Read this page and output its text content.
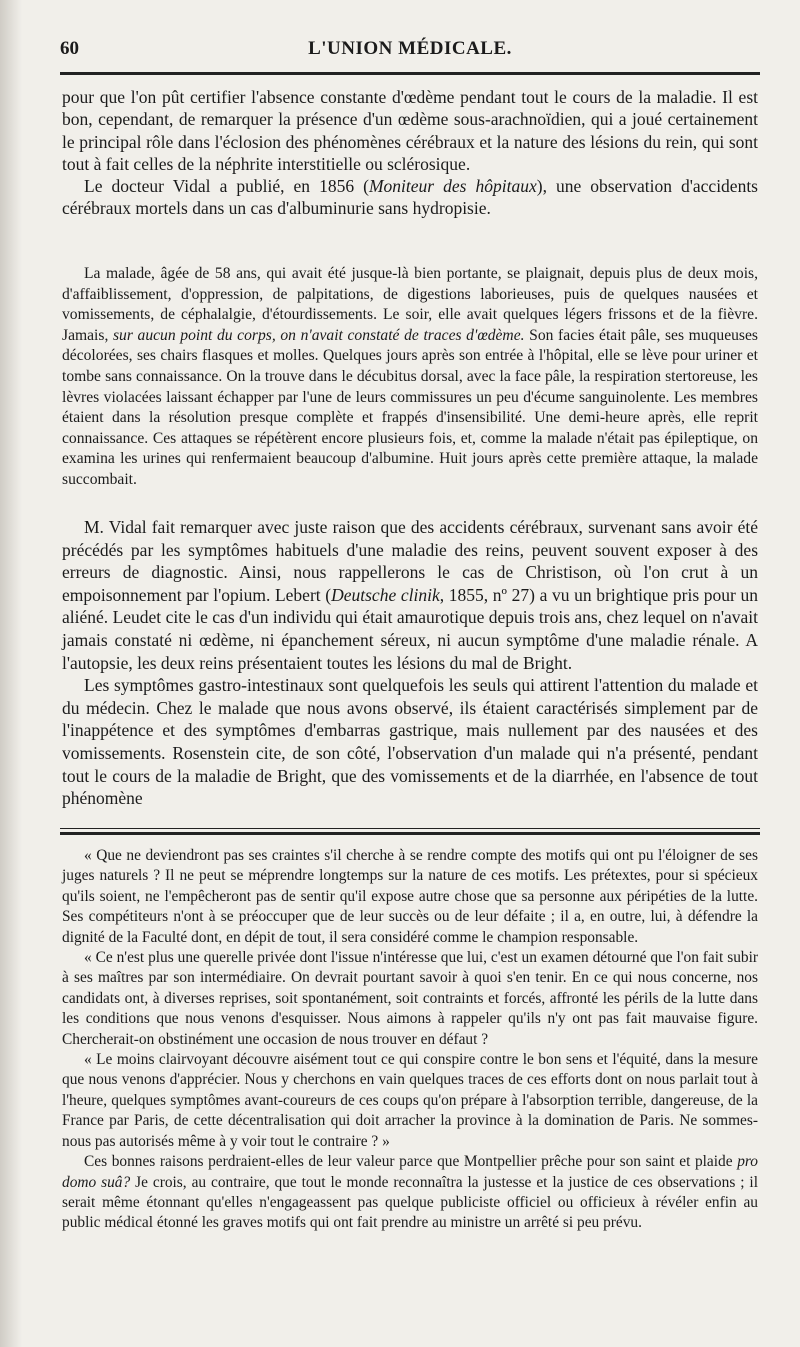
60	L'UNION MÉDICALE.

pour que l'on pût certifier l'absence constante d'œdème pendant tout le cours de la maladie. Il est bon, cependant, de remarquer la présence d'un œdème sous-arachnoïdien, qui a joué certainement le principal rôle dans l'éclosion des phénomènes cérébraux et la nature des lésions du rein, qui sont tout à fait celles de la néphrite interstitielle ou sclérosique.

Le docteur Vidal a publié, en 1856 (Moniteur des hôpitaux), une observation d'accidents cérébraux mortels dans un cas d'albuminurie sans hydropisie.

La malade, âgée de 58 ans, qui avait été jusque-là bien portante, se plaignait, depuis plus de deux mois, d'affaiblissement, d'oppression, de palpitations, de digestions laborieuses, puis de quelques nausées et vomissements, de céphalalgie, d'étourdissements. Le soir, elle avait quelques légers frissons et de la fièvre. Jamais, sur aucun point du corps, on n'avait constaté de traces d'œdème. Son facies était pâle, ses muqueuses décolorées, ses chairs flasques et molles. Quelques jours après son entrée à l'hôpital, elle se lève pour uriner et tombe sans connaissance. On la trouve dans le décubitus dorsal, avec la face pâle, la respiration stertoreuse, les lèvres violacées laissant échapper par l'une de leurs commissures un peu d'écume sanguinolente. Les membres étaient dans la résolution presque complète et frappés d'insensibilité. Une demi-heure après, elle reprit connaissance. Ces attaques se répétèrent encore plusieurs fois, et, comme la malade n'était pas épileptique, on examina les urines qui renfermaient beaucoup d'albumine. Huit jours après cette première attaque, la malade succombait.

M. Vidal fait remarquer avec juste raison que des accidents cérébraux, survenant sans avoir été précédés par les symptômes habituels d'une maladie des reins, peuvent souvent exposer à des erreurs de diagnostic. Ainsi, nous rappellerons le cas de Christison, où l'on crut à un empoisonnement par l'opium. Lebert (Deutsche clinik, 1855, nº 27) a vu un brightique pris pour un aliéné. Leudet cite le cas d'un individu qui était amaurotique depuis trois ans, chez lequel on n'avait jamais constaté ni œdème, ni épanchement séreux, ni aucun symptôme d'une maladie rénale. A l'autopsie, les deux reins présentaient toutes les lésions du mal de Bright.

Les symptômes gastro-intestinaux sont quelquefois les seuls qui attirent l'attention du malade et du médecin. Chez le malade que nous avons observé, ils étaient caractérisés simplement par de l'inappétence et des symptômes d'embarras gastrique, mais nullement par des nausées et des vomissements. Rosenstein cite, de son côté, l'observation d'un malade qui n'a présenté, pendant tout le cours de la maladie de Bright, que des vomissements et de la diarrhée, en l'absence de tout phénomène

« Que ne deviendront pas ses craintes s'il cherche à se rendre compte des motifs qui ont pu l'éloigner de ses juges naturels ? Il ne peut se méprendre longtemps sur la nature de ces motifs. Les prétextes, pour si spécieux qu'ils soient, ne l'empêcheront pas de sentir qu'il expose autre chose que sa personne aux péripéties de la lutte. Ses compétiteurs n'ont à se préoccuper que de leur succès ou de leur défaite ; il a, en outre, lui, à défendre la dignité de la Faculté dont, en dépit de tout, il sera considéré comme le champion responsable.

« Ce n'est plus une querelle privée dont l'issue n'intéresse que lui, c'est un examen détourné que l'on fait subir à ses maîtres par son intermédiaire. On devrait pourtant savoir à quoi s'en tenir. En ce qui nous concerne, nos candidats ont, à diverses reprises, soit spontanément, soit contraints et forcés, affronté les périls de la lutte dans les conditions que nous venons d'esquisser. Nous aimons à rappeler qu'ils n'y ont pas fait mauvaise figure. Chercherait-on obstinément une occasion de nous trouver en défaut ?

« Le moins clairvoyant découvre aisément tout ce qui conspire contre le bon sens et l'équité, dans la mesure que nous venons d'apprécier. Nous y cherchons en vain quelques traces de ces efforts dont on nous parlait tout à l'heure, quelques symptômes avant-coureurs de ces coups qu'on prépare à l'absorption terrible, dangereuse, de la France par Paris, de cette décentralisation qui doit arracher la province à la domination de Paris. Ne sommes-nous pas autorisés même à y voir tout le contraire ? »

Ces bonnes raisons perdraient-elles de leur valeur parce que Montpellier prêche pour son saint et plaide pro domo suâ? Je crois, au contraire, que tout le monde reconnaîtra la justesse et la justice de ces observations ; il serait même étonnant qu'elles n'engageassent pas quelque publiciste officiel ou officieux à révéler enfin au public médical étonné les graves motifs qui ont fait prendre au ministre un arrêté si peu prévu.
